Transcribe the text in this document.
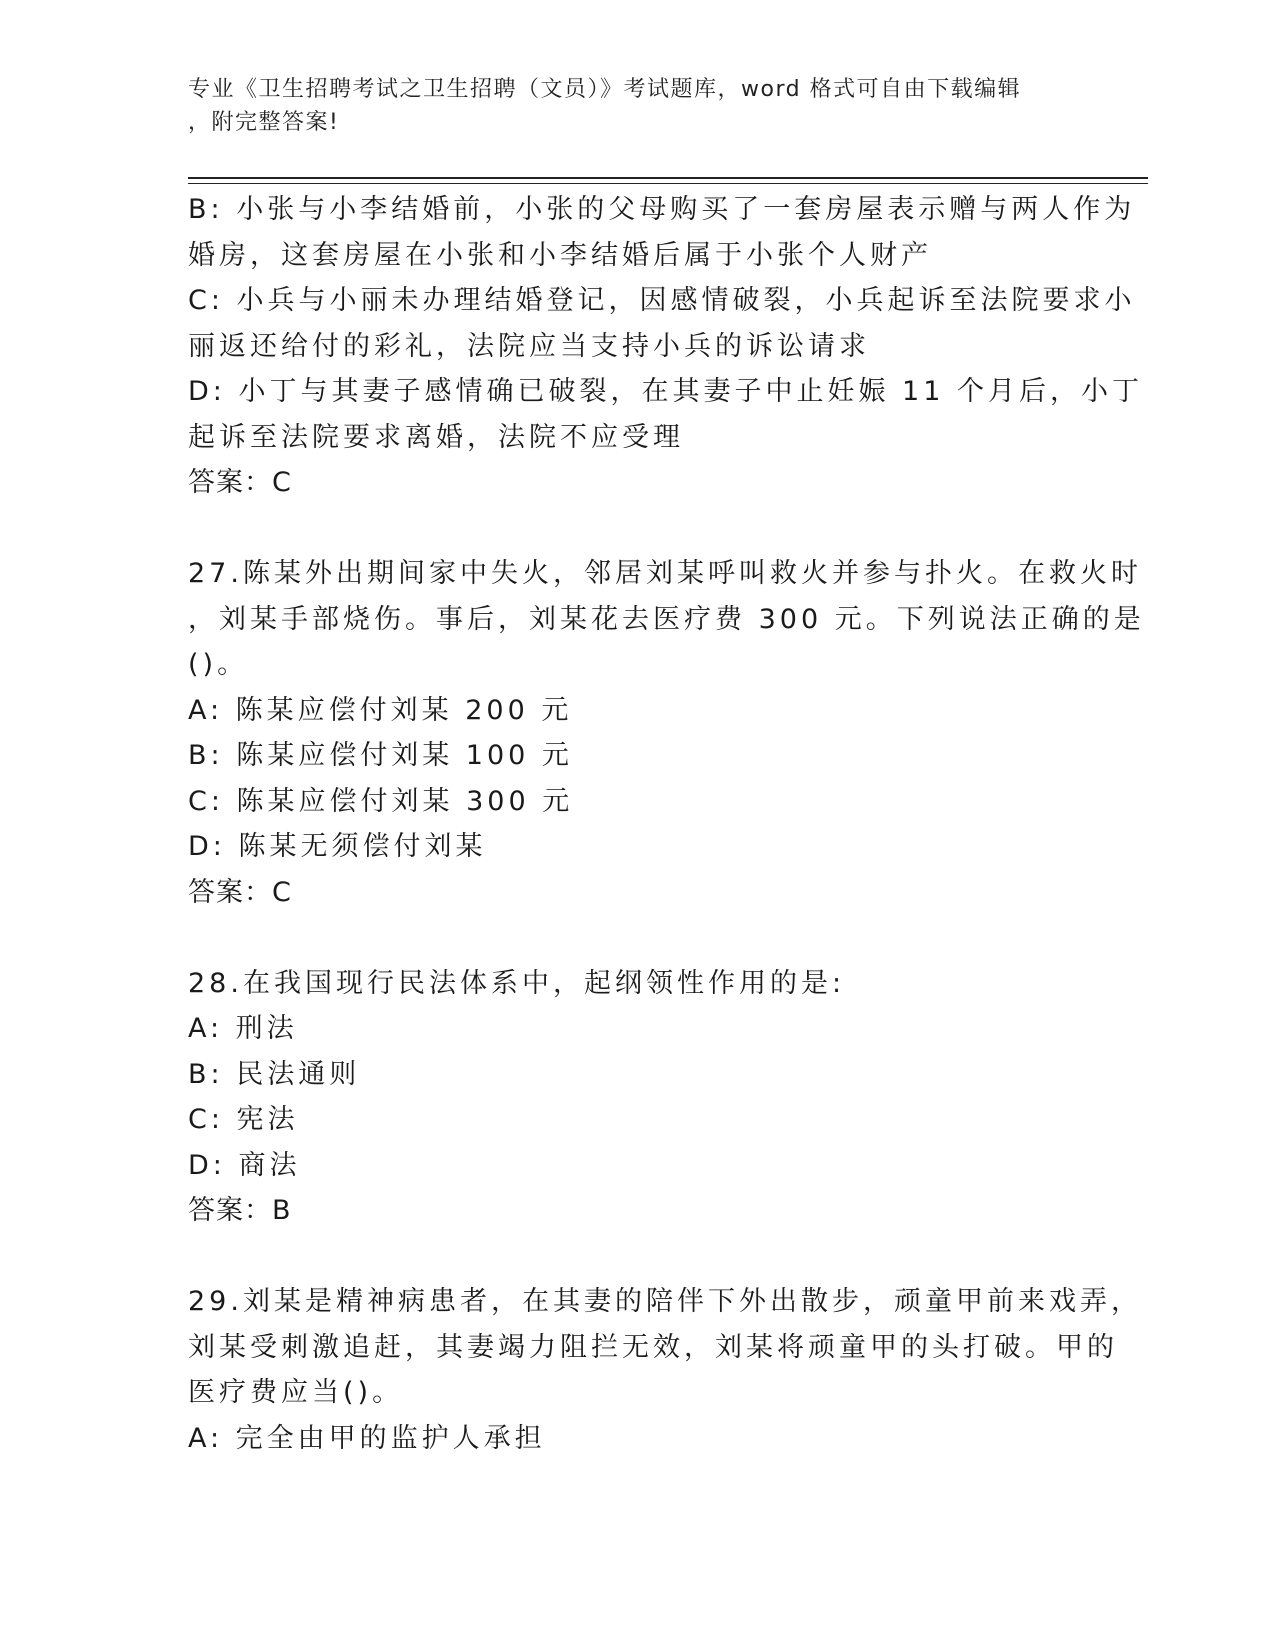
专业《卫生招聘考试之卫生招聘（文员）》考试题库，word 格式可自由下载编辑
，附完整答案!
B: 小张与小李结婚前，小张的父母购买了一套房屋表示赠与两人作为
婚房，这套房屋在小张和小李结婚后属于小张个人财产
C: 小兵与小丽未办理结婚登记，因感情破裂，小兵起诉至法院要求小
丽返还给付的彩礼，法院应当支持小兵的诉讼请求
D: 小丁与其妻子感情确已破裂，在其妻子中止妊娠 11 个月后，小丁
起诉至法院要求离婚，法院不应受理
答案：C
27.陈某外出期间家中失火，邻居刘某呼叫救火并参与扑火。在救火时
，刘某手部烧伤。事后，刘某花去医疗费 300 元。下列说法正确的是
()。
A: 陈某应偿付刘某 200 元
B: 陈某应偿付刘某 100 元
C: 陈某应偿付刘某 300 元
D: 陈某无须偿付刘某
答案：C
28.在我国现行民法体系中，起纲领性作用的是:
A: 刑法
B: 民法通则
C: 宪法
D: 商法
答案：B
29.刘某是精神病患者，在其妻的陪伴下外出散步，顽童甲前来戏弄，
刘某受刺激追赶，其妻竭力阻拦无效，刘某将顽童甲的头打破。甲的
医疗费应当()。
A: 完全由甲的监护人承担
